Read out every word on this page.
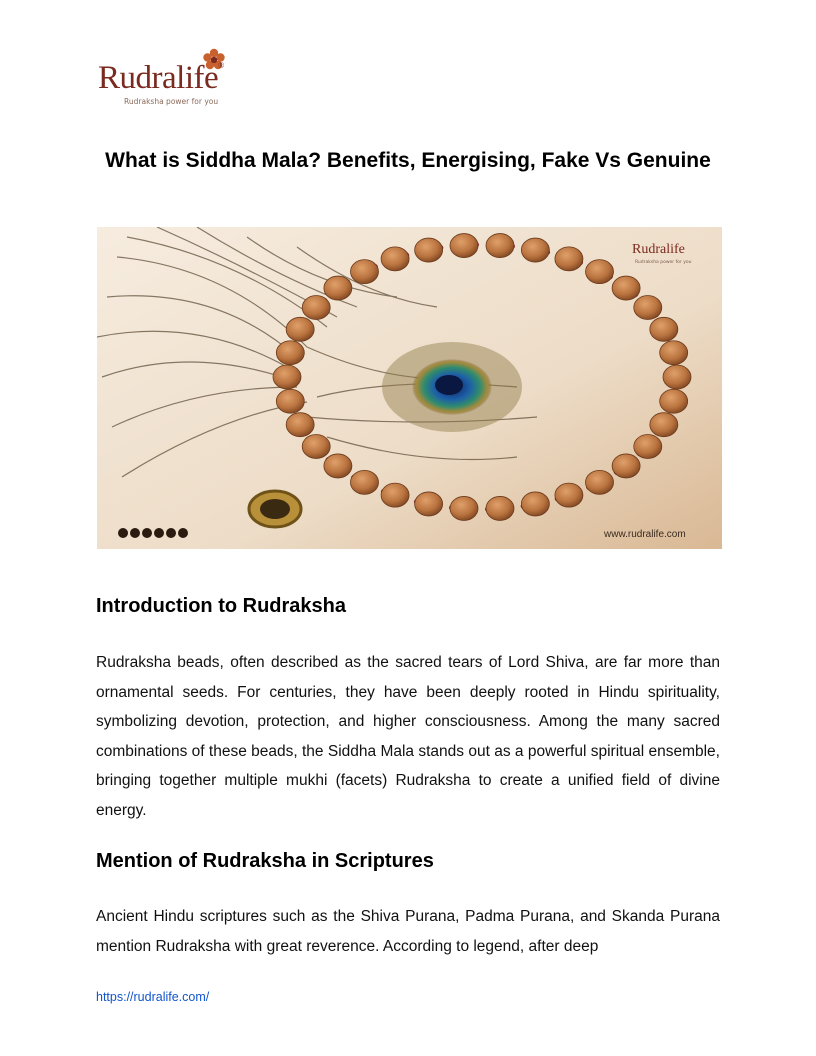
Rudralife®
Rudraksha power for you
What is Siddha Mala? Benefits, Energising, Fake Vs Genuine
Rudralife
Rudraksha power for you
www.rudralife.com
Introduction to Rudraksha

Rudraksha beads, often described as the sacred tears of Lord Shiva, are far more than ornamental seeds. For centuries, they have been deeply rooted in Hindu spirituality, symbolizing devotion, protection, and higher consciousness. Among the many sacred combinations of these beads, the Siddha Mala stands out as a powerful spiritual ensemble, bringing together multiple mukhi (facets) Rudraksha to create a unified field of divine energy.

Mention of Rudraksha in Scriptures

Ancient Hindu scriptures such as the Shiva Purana, Padma Purana, and Skanda Purana mention Rudraksha with great reverence. According to legend, after deep

https://rudralife.com/
